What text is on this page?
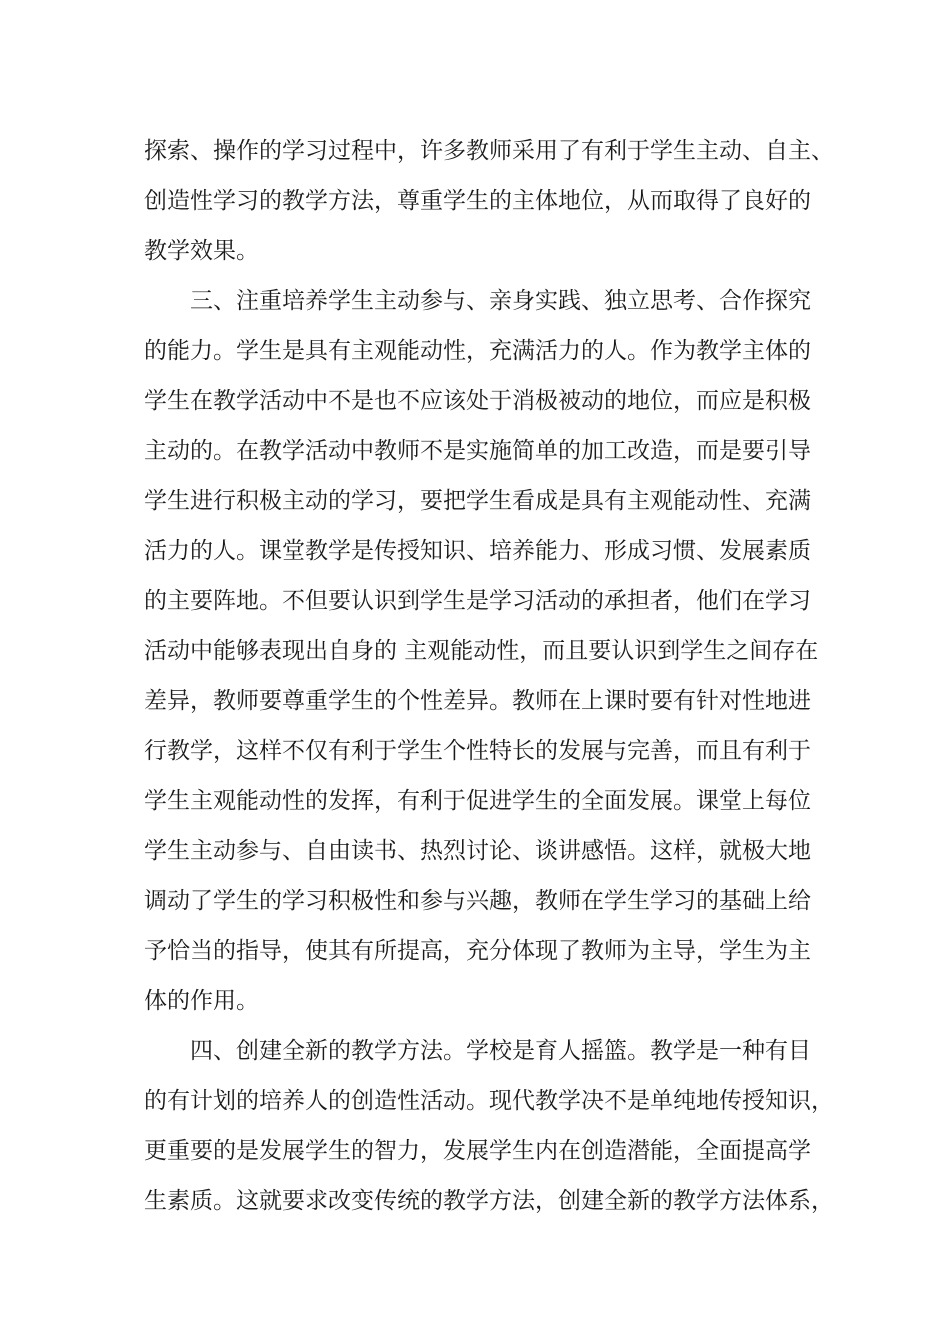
探索、操作的学习过程中，许多教师采用了有利于学生主动、自主、
创造性学习的教学方法，尊重学生的主体地位，从而取得了良好的
教学效果。
三、注重培养学生主动参与、亲身实践、独立思考、合作探究
的能力。学生是具有主观能动性，充满活力的人。作为教学主体的
学生在教学活动中不是也不应该处于消极被动的地位，而应是积极
主动的。在教学活动中教师不是实施简单的加工改造，而是要引导
学生进行积极主动的学习，要把学生看成是具有主观能动性、充满
活力的人。课堂教学是传授知识、培养能力、形成习惯、发展素质
的主要阵地。不但要认识到学生是学习活动的承担者，他们在学习
活动中能够表现出自身的 主观能动性，而且要认识到学生之间存在
差异，教师要尊重学生的个性差异。教师在上课时要有针对性地进
行教学，这样不仅有利于学生个性特长的发展与完善，而且有利于
学生主观能动性的发挥，有利于促进学生的全面发展。课堂上每位
学生主动参与、自由读书、热烈讨论、谈讲感悟。这样，就极大地
调动了学生的学习积极性和参与兴趣，教师在学生学习的基础上给
予恰当的指导，使其有所提高，充分体现了教师为主导，学生为主
体的作用。
四、创建全新的教学方法。学校是育人摇篮。教学是一种有目
的有计划的培养人的创造性活动。现代教学决不是单纯地传授知识，
更重要的是发展学生的智力，发展学生内在创造潜能，全面提高学
生素质。这就要求改变传统的教学方法，创建全新的教学方法体系，
